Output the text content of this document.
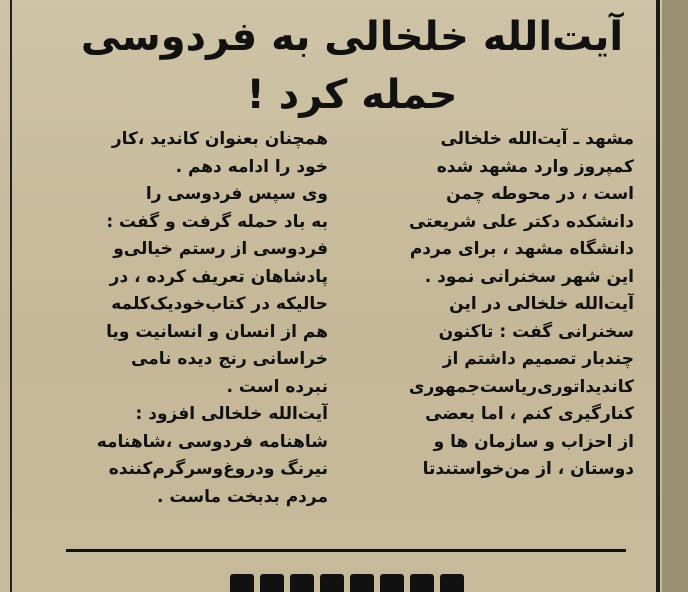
آیت‌الله خلخالی به فردوسی
حمله کرد !
مشهد ـ آیت‌الله خلخالی
کمپروز وارد مشهد شده
است ، در محوطه چمن
دانشکده دکتر علی شریعتی
دانشگاه مشهد ، برای مردم
این شهر سخنرانی نمود .
آیت‌الله خلخالی در این
سخنرانی گفت : تاکنون
چندبار تصمیم داشتم از
کاندیداتوری‌ریاست‌جمهوری
کنارگیری کنم ، اما بعضی
از احزاب و سازمان ها و
دوستان ، از من‌خواستندتا
همچنان بعنوان کاندید ،کار
خود را ادامه دهم .
وی سپس فردوسی را
به باد حمله گرفت و گفت :
فردوسی از رستم خیالی‌و
پادشاهان تعریف کرده ، در
حالیکه در کتاب‌خودیک‌کلمه
هم از انسان و انسانیت ویا
خراسانی رنج دیده نامی
نبرده است .
آیت‌الله خلخالی افزود :
شاهنامه فردوسی ،شاهنامه
نیرنگ ودروغ‌وسرگرم‌کننده
مردم بدبخت ماست .
